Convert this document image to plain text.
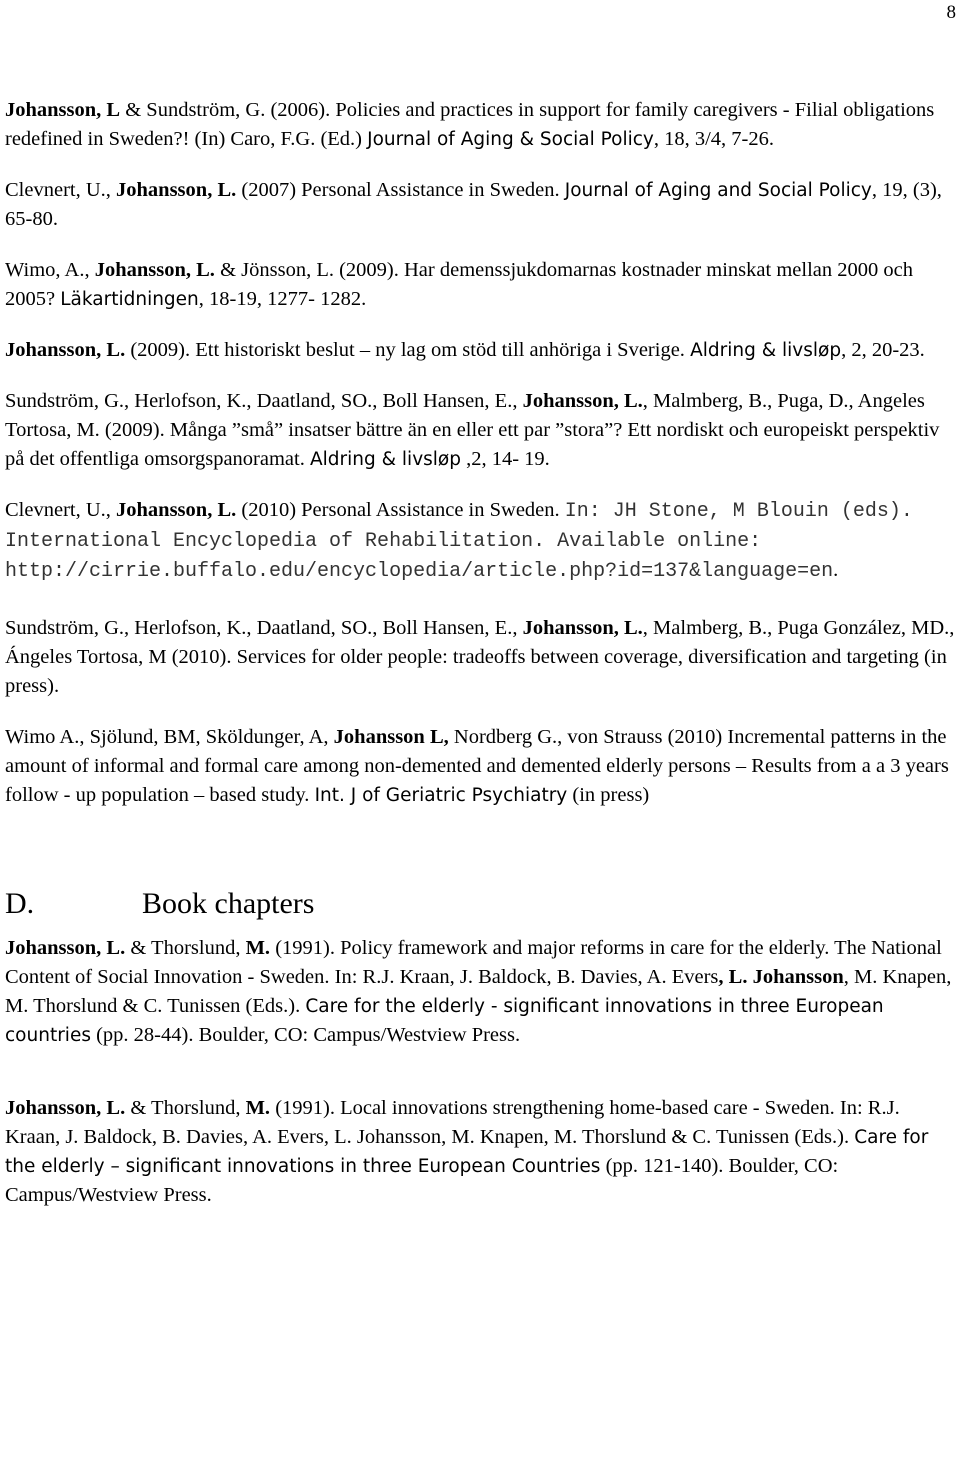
8

Johansson, L & Sundström, G. (2006). Policies and practices in support for family caregivers - Filial obligations redefined in Sweden?! (In) Caro, F.G. (Ed.) Journal of Aging & Social Policy, 18, 3/4, 7-26.

Clevnert, U., Johansson, L. (2007) Personal Assistance in Sweden. Journal of Aging and Social Policy, 19, (3), 65-80.

Wimo, A., Johansson, L. & Jönsson, L. (2009). Har demenssjukdomarnas kostnader minskat mellan 2000 och 2005? Läkartidningen, 18-19, 1277- 1282.

Johansson, L. (2009). Ett historiskt beslut – ny lag om stöd till anhöriga i Sverige. Aldring & livsløp, 2, 20-23.

Sundström, G., Herlofson, K., Daatland, SO., Boll Hansen, E., Johansson, L., Malmberg, B., Puga, D., Angeles Tortosa, M. (2009). Många ”små” insatser bättre än en eller ett par ”stora”? Ett nordiskt och europeiskt perspektiv på det offentliga omsorgspanoramat. Aldring & livsløp ,2, 14- 19.

Clevnert, U., Johansson, L. (2010) Personal Assistance in Sweden. In: JH Stone, M Blouin (eds). International Encyclopedia of Rehabilitation. Available online: http://cirrie.buffalo.edu/encyclopedia/article.php?id=137&language=en.

Sundström, G., Herlofson, K., Daatland, SO., Boll Hansen, E., Johansson, L., Malmberg, B., Puga González, MD., Ángeles Tortosa, M (2010). Services for older people: tradeoffs between coverage, diversification and targeting (in press).

Wimo A., Sjölund, BM, Sköldunger, A, Johansson L, Nordberg G., von Strauss (2010) Incremental patterns in the amount of informal and formal care among non-demented and demented elderly persons – Results from a a 3 years follow - up population – based study. Int. J of Geriatric Psychiatry (in press)

D.	Book chapters

Johansson, L. & Thorslund, M. (1991). Policy framework and major reforms in care for the elderly. The National Content of Social Innovation - Sweden. In: R.J. Kraan, J. Baldock, B. Davies, A. Evers, L. Johansson, M. Knapen, M. Thorslund & C. Tunissen (Eds.). Care for the elderly - significant innovations in three European countries (pp. 28-44). Boulder, CO: Campus/Westview Press.

Johansson, L. & Thorslund, M. (1991). Local innovations strengthening home-based care - Sweden. In: R.J. Kraan, J. Baldock, B. Davies, A. Evers, L. Johansson, M. Knapen, M. Thorslund & C. Tunissen (Eds.). Care for the elderly – significant innovations in three European Countries (pp. 121-140). Boulder, CO: Campus/Westview Press.
